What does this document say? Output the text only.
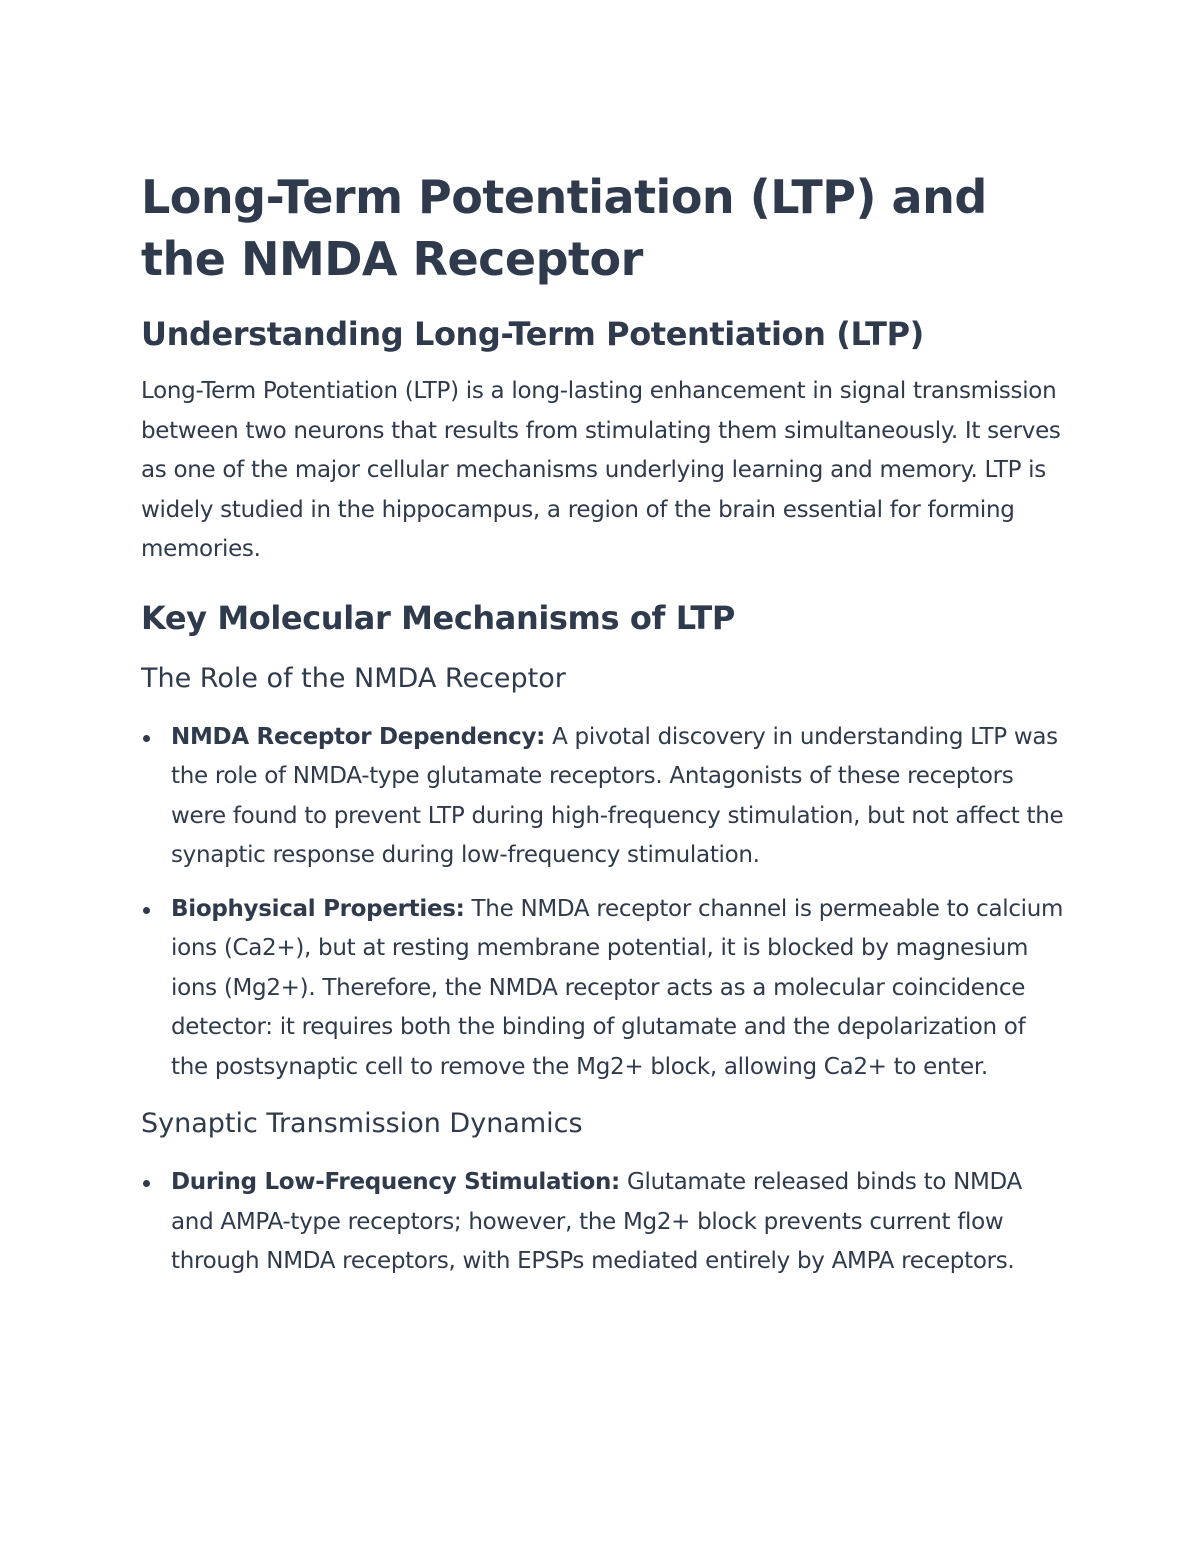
Long-Term Potentiation (LTP) and the NMDA Receptor
Understanding Long-Term Potentiation (LTP)

Long-Term Potentiation (LTP) is a long-lasting enhancement in signal transmission between two neurons that results from stimulating them simultaneously. It serves as one of the major cellular mechanisms underlying learning and memory. LTP is widely studied in the hippocampus, a region of the brain essential for forming memories.

Key Molecular Mechanisms of LTP
The Role of the NMDA Receptor
NMDA Receptor Dependency: A pivotal discovery in understanding LTP was the role of NMDA-type glutamate receptors. Antagonists of these receptors were found to prevent LTP during high-frequency stimulation, but not affect the synaptic response during low-frequency stimulation.
Biophysical Properties: The NMDA receptor channel is permeable to calcium ions (Ca2+), but at resting membrane potential, it is blocked by magnesium ions (Mg2+). Therefore, the NMDA receptor acts as a molecular coincidence detector: it requires both the binding of glutamate and the depolarization of the postsynaptic cell to remove the Mg2+ block, allowing Ca2+ to enter.
Synaptic Transmission Dynamics
During Low-Frequency Stimulation: Glutamate released binds to NMDA and AMPA-type receptors; however, the Mg2+ block prevents current flow through NMDA receptors, with EPSPs mediated entirely by AMPA receptors.
